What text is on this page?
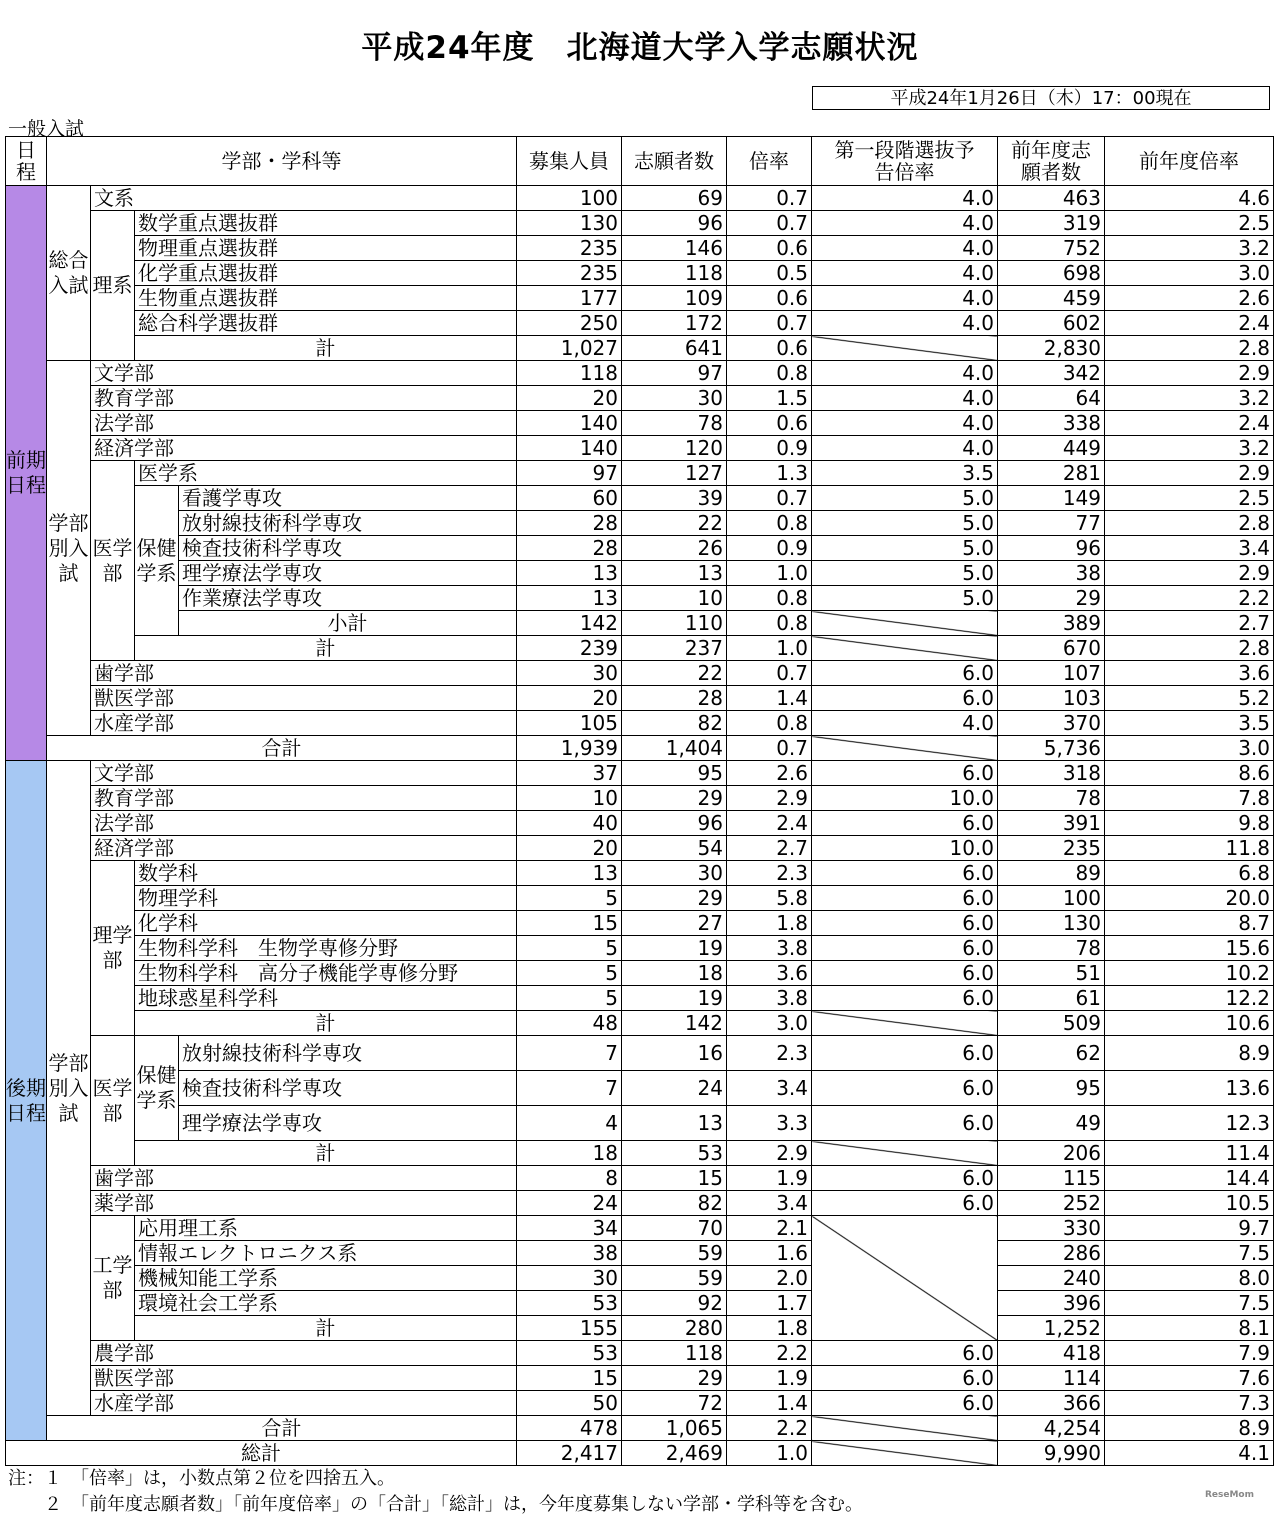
平成24年度　北海道大学入学志願状況
平成24年1月26日（木）17：00現在
一般入試
日程	学部・学科等				募集人員	志願者数	倍率	第一段階選抜予告倍率	前年度志願者数	前年度倍率
前期日程	総合入試	文系			100	69	0.7	4.0	463	4.6
		理系	数学重点選抜群		130	96	0.7	4.0	319	2.5
			物理重点選抜群		235	146	0.6	4.0	752	3.2
			化学重点選抜群		235	118	0.5	4.0	698	3.0
			生物重点選抜群		177	109	0.6	4.0	459	2.6
			総合科学選抜群		250	172	0.7	4.0	602	2.4
			計		1,027	641	0.6		2,830	2.8
	学部別入試	文学部			118	97	0.8	4.0	342	2.9
		教育学部			20	30	1.5	4.0	64	3.2
		法学部			140	78	0.6	4.0	338	2.4
		経済学部			140	120	0.9	4.0	449	3.2
		医学部	医学系		97	127	1.3	3.5	281	2.9
			保健学系	看護学専攻	60	39	0.7	5.0	149	2.5
				放射線技術科学専攻	28	22	0.8	5.0	77	2.8
				検査技術科学専攻	28	26	0.9	5.0	96	3.4
				理学療法学専攻	13	13	1.0	5.0	38	2.9
				作業療法学専攻	13	10	0.8	5.0	29	2.2
				小計	142	110	0.8		389	2.7
			計		239	237	1.0		670	2.8
		歯学部			30	22	0.7	6.0	107	3.6
		獣医学部			20	28	1.4	6.0	103	5.2
		水産学部			105	82	0.8	4.0	370	3.5
	合計				1,939	1,404	0.7		5,736	3.0
後期日程	学部別入試	文学部			37	95	2.6	6.0	318	8.6
		教育学部			10	29	2.9	10.0	78	7.8
		法学部			40	96	2.4	6.0	391	9.8
		経済学部			20	54	2.7	10.0	235	11.8
		理学部	数学科		13	30	2.3	6.0	89	6.8
			物理学科		5	29	5.8	6.0	100	20.0
			化学科		15	27	1.8	6.0	130	8.7
			生物科学科　生物学専修分野		5	19	3.8	6.0	78	15.6
			生物科学科　高分子機能学専修分野		5	18	3.6	6.0	51	10.2
			地球惑星科学科		5	19	3.8	6.0	61	12.2
			計		48	142	3.0		509	10.6
		医学部	保健学系	放射線技術科学専攻	7	16	2.3	6.0	62	8.9
				検査技術科学専攻	7	24	3.4	6.0	95	13.6
				理学療法学専攻	4	13	3.3	6.0	49	12.3
			計		18	53	2.9		206	11.4
		歯学部			8	15	1.9	6.0	115	14.4
		薬学部			24	82	3.4	6.0	252	10.5
		工学部	応用理工系		34	70	2.1		330	9.7
			情報エレクトロニクス系		38	59	1.6		286	7.5
			機械知能工学系		30	59	2.0		240	8.0
			環境社会工学系		53	92	1.7		396	7.5
			計		155	280	1.8		1,252	8.1
		農学部			53	118	2.2	6.0	418	7.9
		獣医学部			15	29	1.9	6.0	114	7.6
		水産学部			50	72	1.4	6.0	366	7.3
	合計				478	1,065	2.2		4,254	8.9
総計					2,417	2,469	1.0		9,990	4.1
注：１　「倍率」は，小数点第２位を四捨五入。
　　２　「前年度志願者数」「前年度倍率」の「合計」「総計」は，今年度募集しない学部・学科等を含む。	$^{ReseMom}$
